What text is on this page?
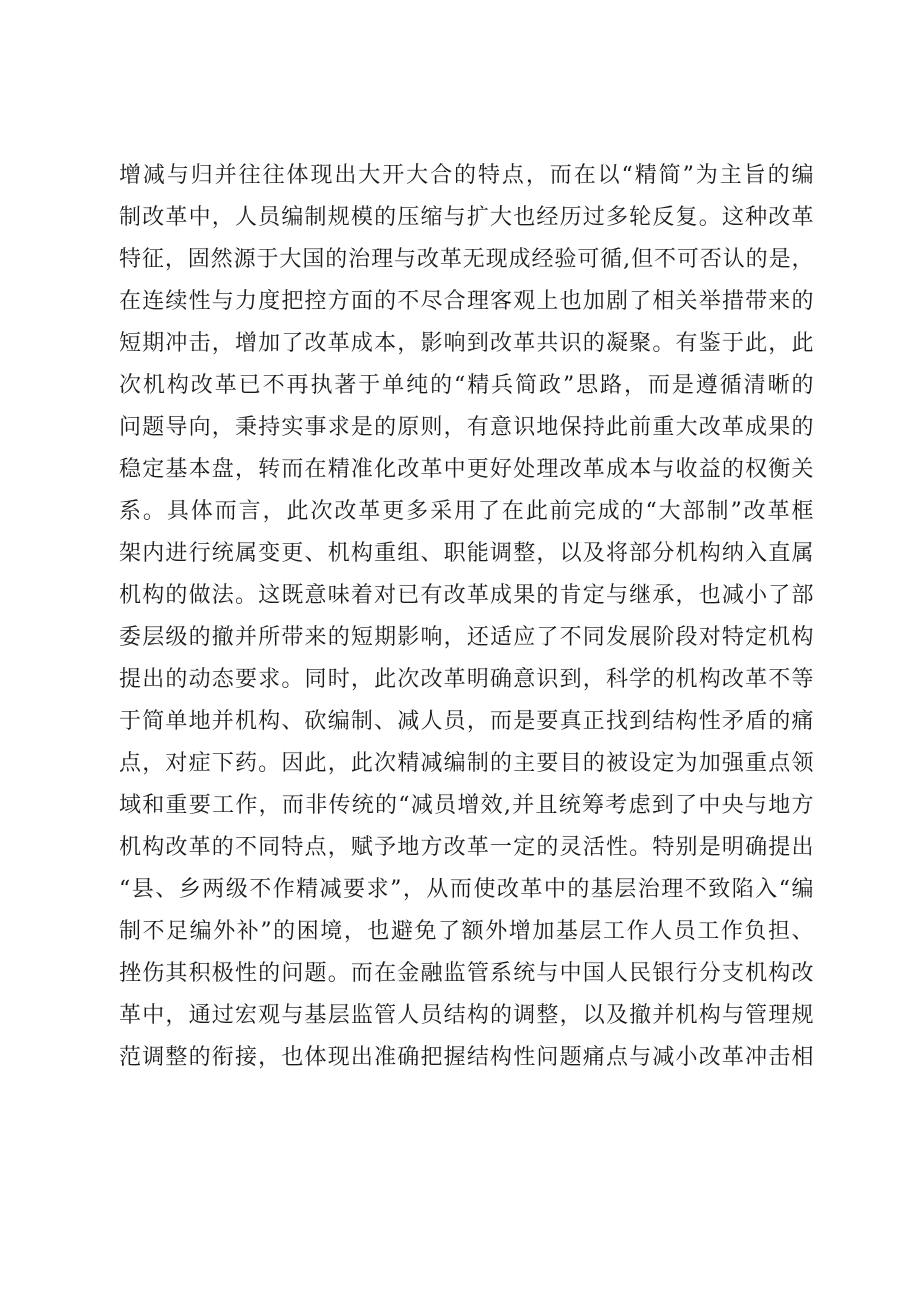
增减与归并往往体现出大开大合的特点，而在以“精简”为主旨的编
制改革中，人员编制规模的压缩与扩大也经历过多轮反复。这种改革
特征，固然源于大国的治理与改革无现成经验可循,但不可否认的是，
在连续性与力度把控方面的不尽合理客观上也加剧了相关举措带来的
短期冲击，增加了改革成本，影响到改革共识的凝聚。有鉴于此，此
次机构改革已不再执著于单纯的“精兵简政”思路，而是遵循清晰的
问题导向，秉持实事求是的原则，有意识地保持此前重大改革成果的
稳定基本盘，转而在精准化改革中更好处理改革成本与收益的权衡关
系。具体而言，此次改革更多采用了在此前完成的“大部制”改革框
架内进行统属变更、机构重组、职能调整，以及将部分机构纳入直属
机构的做法。这既意味着对已有改革成果的肯定与继承，也减小了部
委层级的撤并所带来的短期影响，还适应了不同发展阶段对特定机构
提出的动态要求。同时，此次改革明确意识到，科学的机构改革不等
于简单地并机构、砍编制、减人员，而是要真正找到结构性矛盾的痛
点，对症下药。因此，此次精减编制的主要目的被设定为加强重点领
域和重要工作，而非传统的“减员增效,并且统筹考虑到了中央与地方
机构改革的不同特点，赋予地方改革一定的灵活性。特别是明确提出
“县、乡两级不作精减要求”，从而使改革中的基层治理不致陷入“编
制不足编外补”的困境，也避免了额外增加基层工作人员工作负担、
挫伤其积极性的问题。而在金融监管系统与中国人民银行分支机构改
革中，通过宏观与基层监管人员结构的调整，以及撤并机构与管理规
范调整的衔接，也体现出准确把握结构性问题痛点与减小改革冲击相
